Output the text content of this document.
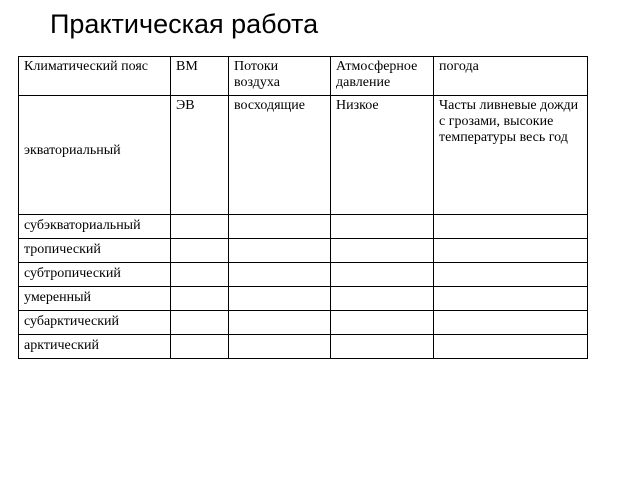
Практическая работа
Климатический пояс	ВМ	Потоки воздуха	Атмосферное давление	погода
экваториальный	ЭВ	восходящие	Низкое	Часты ливневые дожди с грозами, высокие температуры весь год
субэкваториальный				
тропический				
субтропический				
умеренный				
субарктический				
арктический				
